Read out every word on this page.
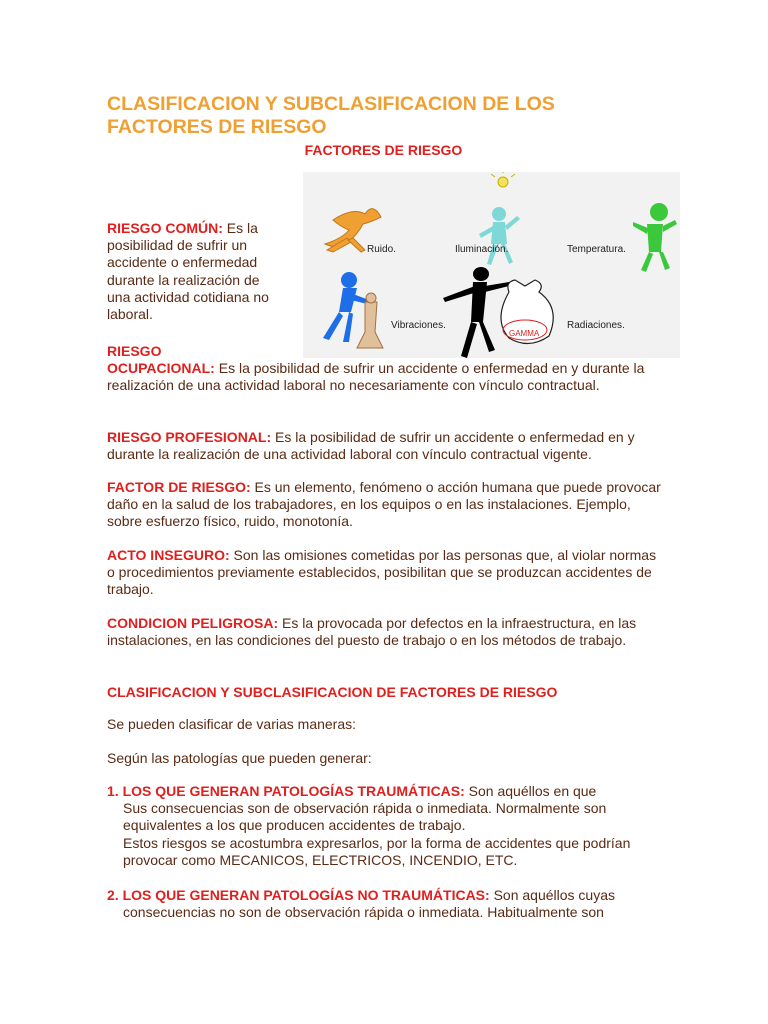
CLASIFICACION Y SUBCLASIFICACION DE LOS FACTORES DE RIESGO
FACTORES DE RIESGO
Ruido.	Iluminación.	Temperatura.
Vibraciones.
GAMMA
Radiaciones.

RIESGO COMÚN: Es la posibilidad de sufrir un accidente o enfermedad durante la realización de una actividad cotidiana no laboral.

RIESGO
OCUPACIONAL: Es la posibilidad de sufrir un accidente o enfermedad en y durante la realización de una actividad laboral no necesariamente con vínculo contractual.

RIESGO PROFESIONAL: Es la posibilidad de sufrir un accidente o enfermedad en y durante la realización de una actividad laboral con vínculo contractual vigente.

FACTOR DE RIESGO: Es un elemento, fenómeno o acción humana que puede provocar daño en la salud de los trabajadores, en los equipos o en las instalaciones. Ejemplo, sobre esfuerzo físico, ruido, monotonía.

ACTO INSEGURO: Son las omisiones cometidas por las personas que, al violar normas o procedimientos previamente establecidos, posibilitan que se produzcan accidentes de trabajo.

CONDICION PELIGROSA: Es la provocada por defectos en la infraestructura, en las instalaciones, en las condiciones del puesto de trabajo o en los métodos de trabajo.

CLASIFICACION Y SUBCLASIFICACION DE FACTORES DE RIESGO

Se pueden clasificar de varias maneras:

Según las patologías que pueden generar:

1. LOS QUE GENERAN PATOLOGÍAS TRAUMÁTICAS: Son aquéllos en que
Sus consecuencias son de observación rápida o inmediata. Normalmente son equivalentes a los que producen accidentes de trabajo.
Estos riesgos se acostumbra expresarlos, por la forma de accidentes que podrían provocar como MECANICOS, ELECTRICOS, INCENDIO, ETC.
2. LOS QUE GENERAN PATOLOGÍAS NO TRAUMÁTICAS: Son aquéllos cuyas
consecuencias no son de observación rápida o inmediata. Habitualmente son
